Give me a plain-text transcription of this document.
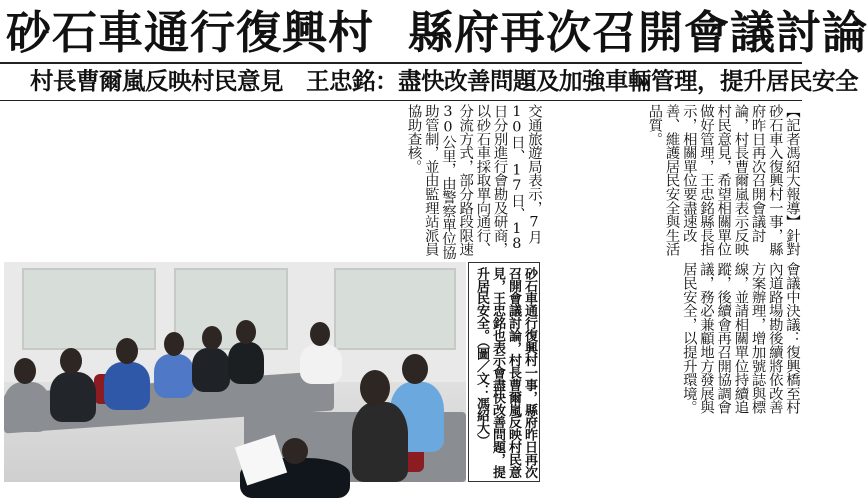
砂石車通行復興村 縣府再次召開會議討論
村長曹爾嵐反映村民意見　王忠銘：盡快改善問題及加強車輛管理，提升居民安全
【記者馮紹大報導】針對砂石車入復興村一事，縣府昨日再次召開會議討論，村長曹爾嵐表示反映村民意見，希望相關單位做好管理，王忠銘縣長指示，相關單位要盡速改善、維護居民安全與生活品質。
交通旅遊局表示，7月10日、17日、18日分別進行會勘及研商，以砂石車採取單向通行、分流方式，部分路段限速30公里，由警察單位協助管制，並由監理站派員協助查核。
會議中決議：復興橋至村內道路場勘後續將依改善方案辦理，增加號誌與標線，並請相關單位持續追蹤，後續會再召開協調會議，務必兼顧地方發展與居民安全，以提升環境。
砂石車通行復興村一事，縣府昨日再次召開會議討論，村長曹爾嵐反映村民意見，王忠銘也表示會盡快改善問題，提升居民安全。（圖／文：馮紹大）
